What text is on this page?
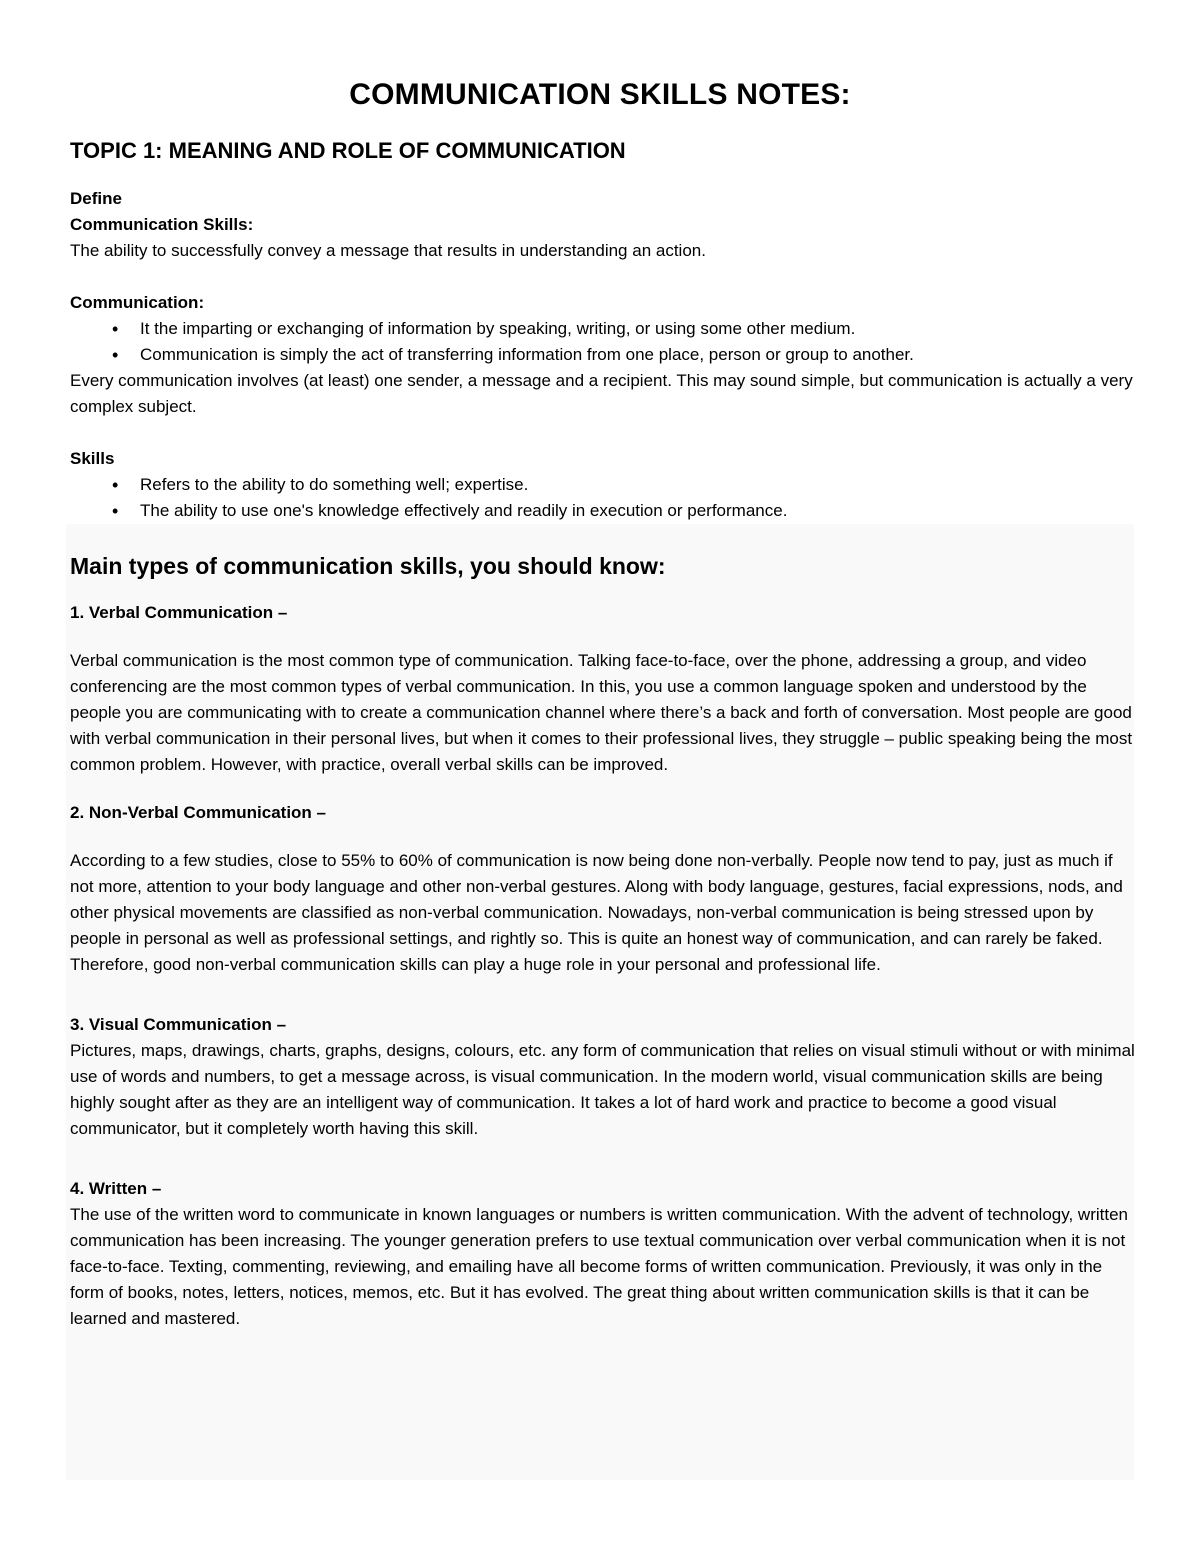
COMMUNICATION SKILLS NOTES:
TOPIC 1: MEANING AND ROLE OF COMMUNICATION

Define

Communication Skills:

The ability to successfully convey a message that results in understanding an action.

Communication:

• It the imparting or exchanging of information by speaking, writing, or using some other medium.
• Communication is simply the act of transferring information from one place, person or group to another.

Every communication involves (at least) one sender, a message and a recipient. This may sound simple, but communication is actually a very complex subject.

Skills

• Refers to the ability to do something well; expertise.
• The ability to use one's knowledge effectively and readily in execution or performance.

Main types of communication skills, you should know:

1. Verbal Communication –

Verbal communication is the most common type of communication. Talking face-to-face, over the phone, addressing a group, and video conferencing are the most common types of verbal communication. In this, you use a common language spoken and understood by the people you are communicating with to create a communication channel where there’s a back and forth of conversation. Most people are good with verbal communication in their personal lives, but when it comes to their professional lives, they struggle – public speaking being the most common problem. However, with practice, overall verbal skills can be improved.

2. Non-Verbal Communication –

According to a few studies, close to 55% to 60% of communication is now being done non-verbally. People now tend to pay, just as much if not more, attention to your body language and other non-verbal gestures. Along with body language, gestures, facial expressions, nods, and other physical movements are classified as non-verbal communication. Nowadays, non-verbal communication is being stressed upon by people in personal as well as professional settings, and rightly so. This is quite an honest way of communication, and can rarely be faked. Therefore, good non-verbal communication skills can play a huge role in your personal and professional life.

3. Visual Communication –

Pictures, maps, drawings, charts, graphs, designs, colours, etc. any form of communication that relies on visual stimuli without or with minimal use of words and numbers, to get a message across, is visual communication. In the modern world, visual communication skills are being highly sought after as they are an intelligent way of communication. It takes a lot of hard work and practice to become a good visual communicator, but it completely worth having this skill.

4. Written –

The use of the written word to communicate in known languages or numbers is written communication. With the advent of technology, written communication has been increasing. The younger generation prefers to use textual communication over verbal communication when it is not face-to-face. Texting, commenting, reviewing, and emailing have all become forms of written communication. Previously, it was only in the form of books, notes, letters, notices, memos, etc. But it has evolved. The great thing about written communication skills is that it can be learned and mastered.
